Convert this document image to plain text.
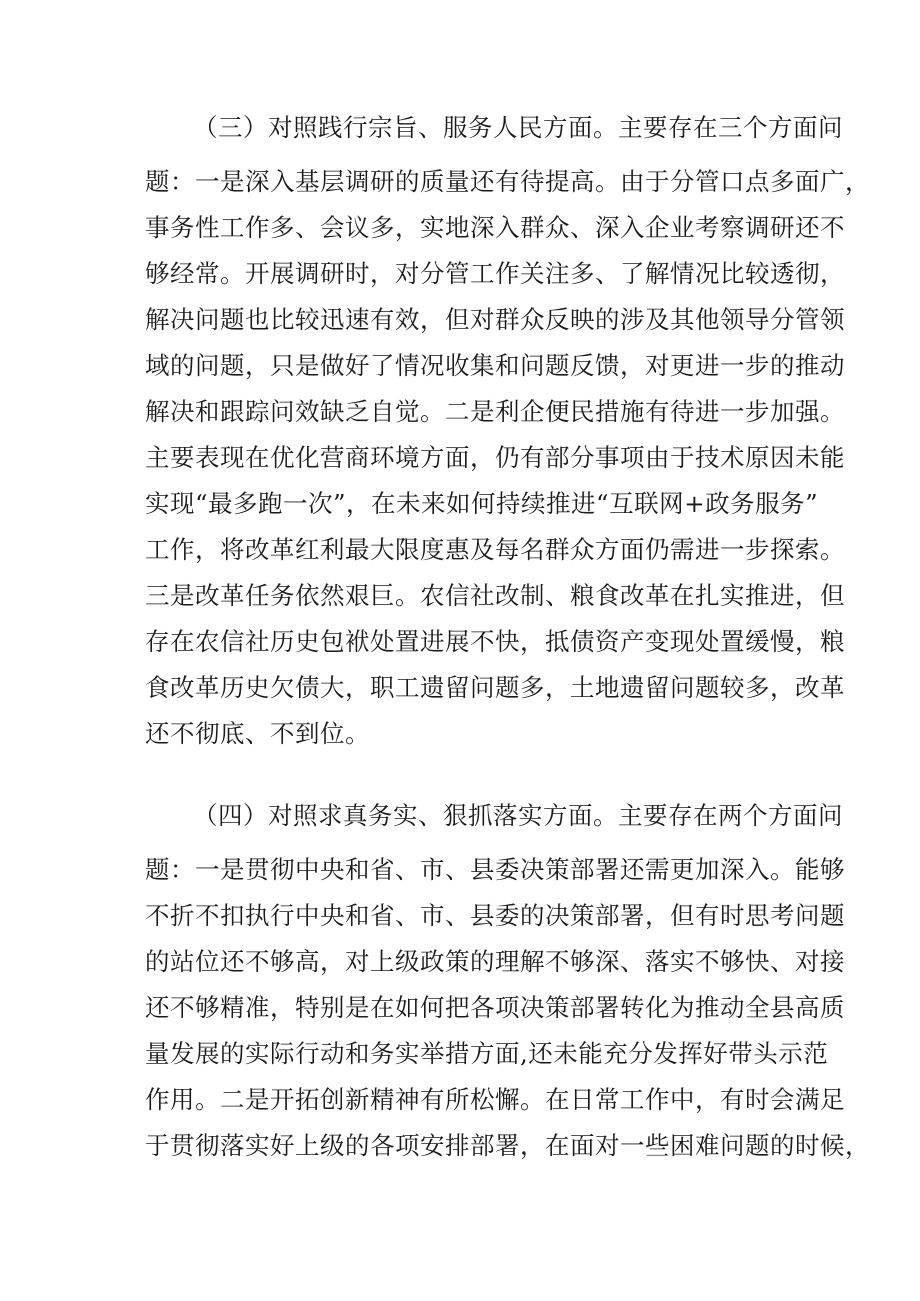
（三）对照践行宗旨、服务人民方面。主要存在三个方面问
题：一是深入基层调研的质量还有待提高。由于分管口点多面广，
事务性工作多、会议多，实地深入群众、深入企业考察调研还不
够经常。开展调研时，对分管工作关注多、了解情况比较透彻，
解决问题也比较迅速有效，但对群众反映的涉及其他领导分管领
域的问题，只是做好了情况收集和问题反馈，对更进一步的推动
解决和跟踪问效缺乏自觉。二是利企便民措施有待进一步加强。
主要表现在优化营商环境方面，仍有部分事项由于技术原因未能
实现“最多跑一次”，在未来如何持续推进“互联网+政务服务”
工作，将改革红利最大限度惠及每名群众方面仍需进一步探索。
三是改革任务依然艰巨。农信社改制、粮食改革在扎实推进，但
存在农信社历史包袱处置进展不快，抵债资产变现处置缓慢，粮
食改革历史欠债大，职工遗留问题多，土地遗留问题较多，改革
还不彻底、不到位。
（四）对照求真务实、狠抓落实方面。主要存在两个方面问
题：一是贯彻中央和省、市、县委决策部署还需更加深入。能够
不折不扣执行中央和省、市、县委的决策部署，但有时思考问题
的站位还不够高，对上级政策的理解不够深、落实不够快、对接
还不够精准，特别是在如何把各项决策部署转化为推动全县高质
量发展的实际行动和务实举措方面,还未能充分发挥好带头示范
作用。二是开拓创新精神有所松懈。在日常工作中，有时会满足
于贯彻落实好上级的各项安排部署，在面对一些困难问题的时候，
